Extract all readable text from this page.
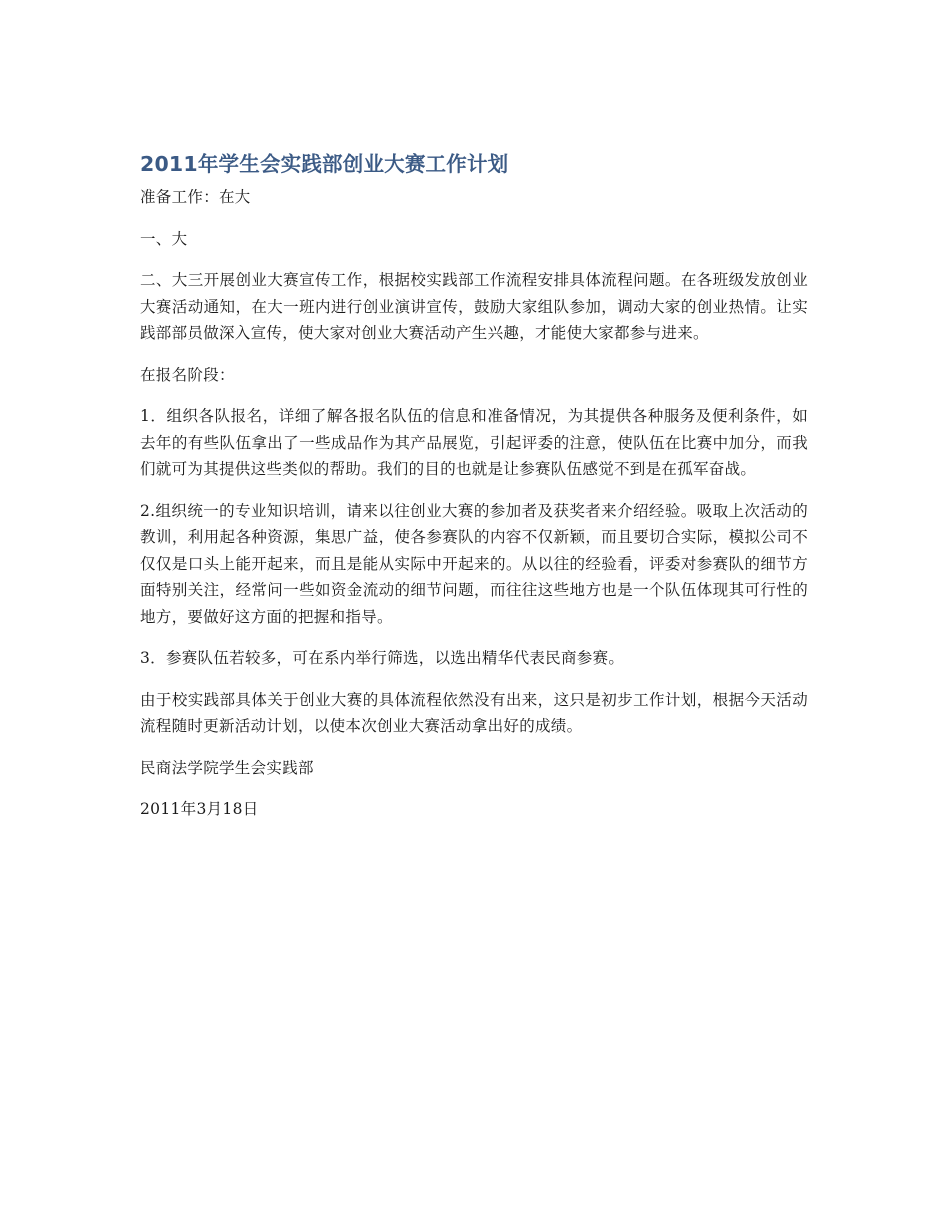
2011年学生会实践部创业大赛工作计划

准备工作：在大

一、大

二、大三开展创业大赛宣传工作，根据校实践部工作流程安排具体流程问题。在各班级发放创业大赛活动通知，在大一班内进行创业演讲宣传，鼓励大家组队参加，调动大家的创业热情。让实践部部员做深入宣传，使大家对创业大赛活动产生兴趣，才能使大家都参与进来。

在报名阶段：

1．组织各队报名，详细了解各报名队伍的信息和准备情况，为其提供各种服务及便利条件，如去年的有些队伍拿出了一些成品作为其产品展览，引起评委的注意，使队伍在比赛中加分，而我们就可为其提供这些类似的帮助。我们的目的也就是让参赛队伍感觉不到是在孤军奋战。

2.组织统一的专业知识培训，请来以往创业大赛的参加者及获奖者来介绍经验。吸取上次活动的教训，利用起各种资源，集思广益，使各参赛队的内容不仅新颖，而且要切合实际，模拟公司不仅仅是口头上能开起来，而且是能从实际中开起来的。从以往的经验看，评委对参赛队的细节方面特别关注，经常问一些如资金流动的细节问题，而往往这些地方也是一个队伍体现其可行性的地方，要做好这方面的把握和指导。

3．参赛队伍若较多，可在系内举行筛选，以选出精华代表民商参赛。

由于校实践部具体关于创业大赛的具体流程依然没有出来，这只是初步工作计划，根据今天活动流程随时更新活动计划，以使本次创业大赛活动拿出好的成绩。

民商法学院学生会实践部

2011年3月18日
